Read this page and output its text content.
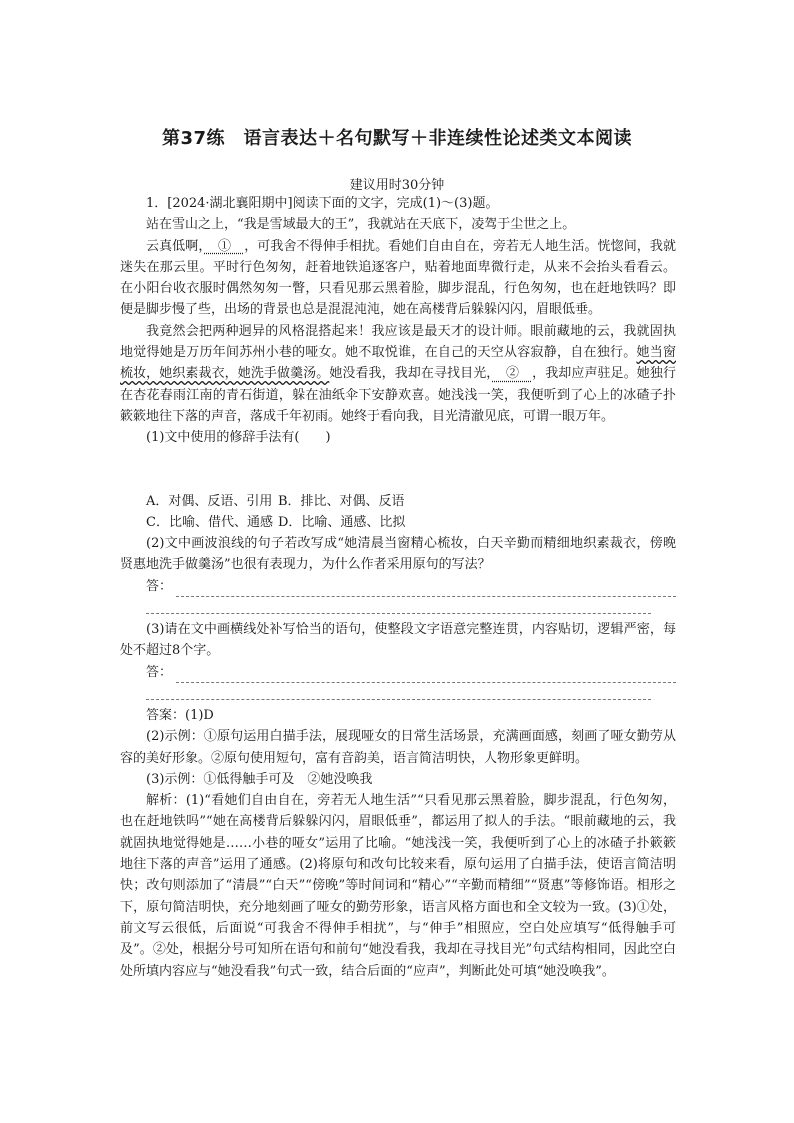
第37练　语言表达＋名句默写＋非连续性论述类文本阅读
建议用时30分钟

1．[2024·湖北襄阳期中]阅读下面的文字，完成(1)～(3)题。

站在雪山之上，“我是雪域最大的王”，我就站在天底下，凌驾于尘世之上。

云真低啊，　①　，可我舍不得伸手相扰。看她们自由自在，旁若无人地生活。恍惚间，我就迷失在那云里。平时行色匆匆，赶着地铁追逐客户，贴着地面卑微行走，从来不会抬头看看云。在小阳台收衣服时偶然匆匆一瞥，只看见那云黑着脸，脚步混乱，行色匆匆，也在赶地铁吗？即便是脚步慢了些，出场的背景也总是混混沌沌，她在高楼背后躲躲闪闪，眉眼低垂。

我竟然会把两种迥异的风格混搭起来！我应该是最天才的设计师。眼前藏地的云，我就固执地觉得她是万历年间苏州小巷的哑女。她不取悦谁，在自己的天空从容寂静，自在独行。她当窗梳妆，她织素裁衣，她洗手做羹汤。她没看我，我却在寻找目光，　②　，我却应声驻足。她独行在杏花春雨江南的青石街道，躲在油纸伞下安静欢喜。她浅浅一笑，我便听到了心上的冰碴子扑簌簌地往下落的声音，落成千年初雨。她终于看向我，目光清澈见底，可谓一眼万年。

(1)文中使用的修辞手法有(　　)

A．对偶、反语、引用 B．排比、对偶、反语
C．比喻、借代、通感 D．比喻、通感、比拟

(2)文中画波浪线的句子若改写成“她清晨当窗精心梳妆，白天辛勤而精细地织素裁衣，傍晚贤惠地洗手做羹汤”也很有表现力，为什么作者采用原句的写法？

答：

(3)请在文中画横线处补写恰当的语句，使整段文字语意完整连贯，内容贴切，逻辑严密，每处不超过8个字。

答：

答案：(1)D

(2)示例：①原句运用白描手法，展现哑女的日常生活场景，充满画面感，刻画了哑女勤劳从容的美好形象。②原句使用短句，富有音韵美，语言简洁明快，人物形象更鲜明。

(3)示例：①低得触手可及　②她没唤我

解析：(1)“看她们自由自在，旁若无人地生活”“只看见那云黑着脸，脚步混乱，行色匆匆，也在赶地铁吗”“她在高楼背后躲躲闪闪，眉眼低垂”，都运用了拟人的手法。“眼前藏地的云，我就固执地觉得她是……小巷的哑女”运用了比喻。“她浅浅一笑，我便听到了心上的冰碴子扑簌簌地往下落的声音”运用了通感。(2)将原句和改句比较来看，原句运用了白描手法，使语言简洁明快；改句则添加了“清晨”“白天”“傍晚”等时间词和“精心”“辛勤而精细”“贤惠”等修饰语。相形之下，原句简洁明快，充分地刻画了哑女的勤劳形象，语言风格方面也和全文较为一致。(3)①处，前文写云很低，后面说“可我舍不得伸手相扰”，与“伸手”相照应，空白处应填写“低得触手可及”。②处，根据分号可知所在语句和前句“她没看我，我却在寻找目光”句式结构相同，因此空白处所填内容应与“她没看我”句式一致，结合后面的“应声”，判断此处可填“她没唤我”。
